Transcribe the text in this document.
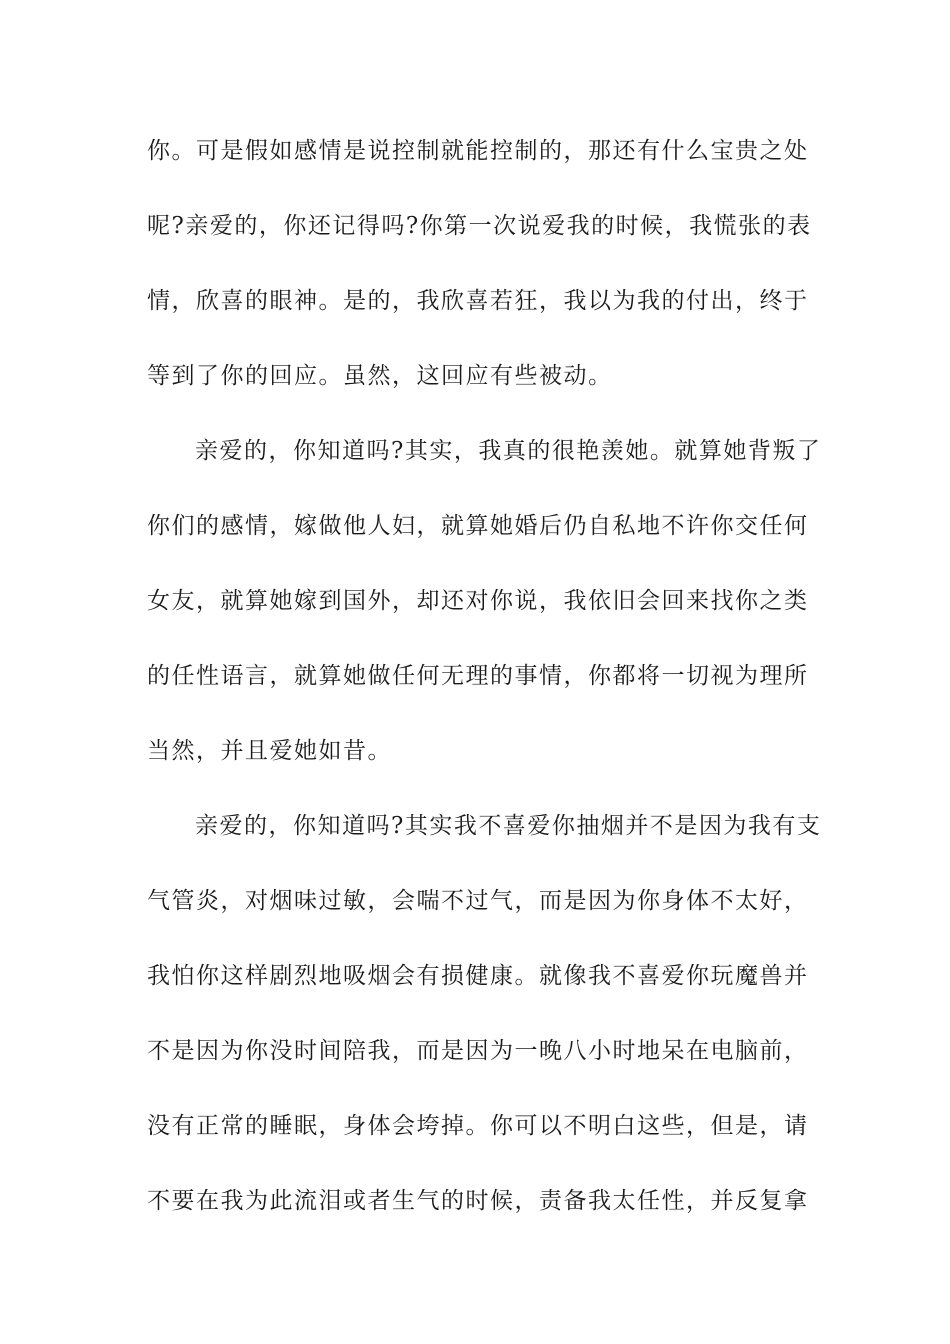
你。可是假如感情是说控制就能控制的，那还有什么宝贵之处
呢?亲爱的，你还记得吗?你第一次说爱我的时候，我慌张的表
情，欣喜的眼神。是的，我欣喜若狂，我以为我的付出，终于
等到了你的回应。虽然，这回应有些被动。
亲爱的，你知道吗?其实，我真的很艳羡她。就算她背叛了
你们的感情，嫁做他人妇，就算她婚后仍自私地不许你交任何
女友，就算她嫁到国外，却还对你说，我依旧会回来找你之类
的任性语言，就算她做任何无理的事情，你都将一切视为理所
当然，并且爱她如昔。
亲爱的，你知道吗?其实我不喜爱你抽烟并不是因为我有支
气管炎，对烟味过敏，会喘不过气，而是因为你身体不太好，
我怕你这样剧烈地吸烟会有损健康。就像我不喜爱你玩魔兽并
不是因为你没时间陪我，而是因为一晚八小时地呆在电脑前，
没有正常的睡眠，身体会垮掉。你可以不明白这些，但是，请
不要在我为此流泪或者生气的时候，责备我太任性，并反复拿
